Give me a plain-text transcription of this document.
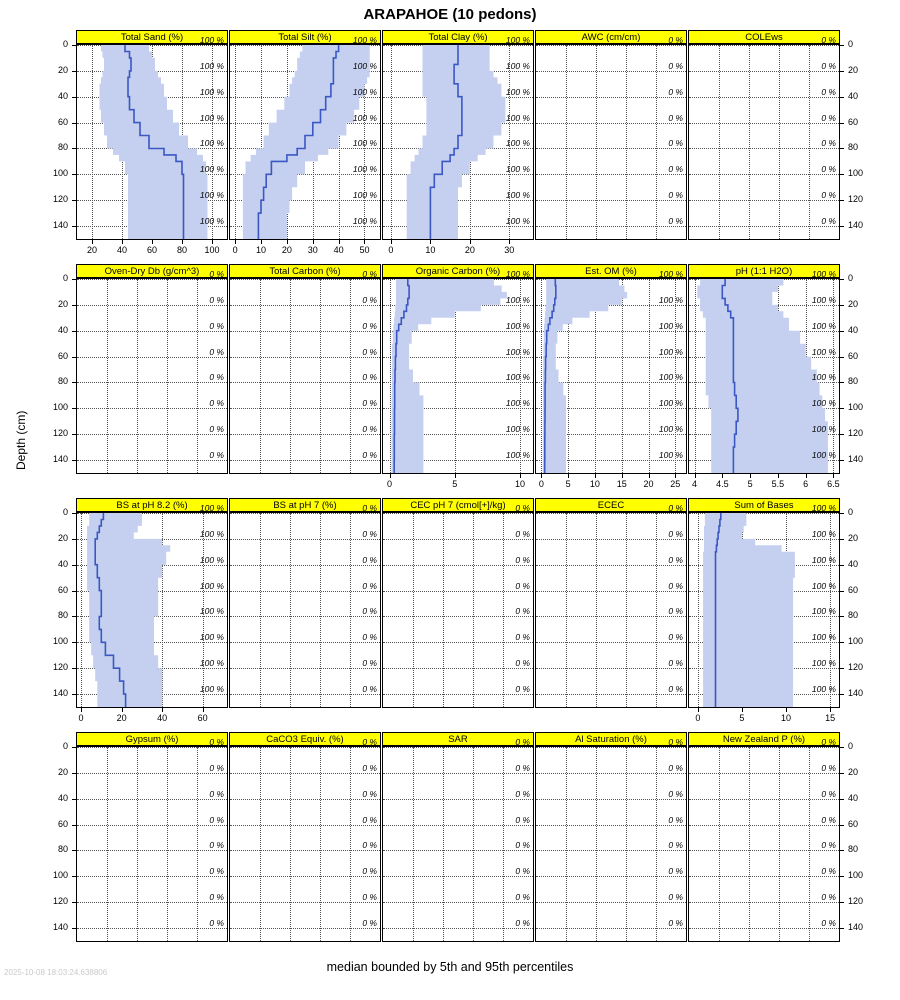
ARAPAHOE (10 pedons)
Depth (cm)
median bounded by 5th and 95th percentiles
2025-10-08 18:03:24.638806
20	40	60	80	100
Total Sand (%)	100 %
100 %
100 %
100 %
100 %
100 %
100 %
100 %
0	10	20	30	40	50
Total Silt (%)	100 %
100 %
100 %
100 %
100 %
100 %
100 %
100 %
0	10	20	30
Total Clay (%)	100 %
100 %
100 %
100 %
100 %
100 %
100 %
100 %
AWC (cm/cm)	0 %
0 %
0 %
0 %
0 %
0 %
0 %
0 %
COLEws	0 %
0 %
0 %
0 %
0 %
0 %
0 %
0 %
Oven-Dry Db (g/cm^3)	0 %
0 %
0 %
0 %
0 %
0 %
0 %
0 %
Total Carbon (%)	0 %
0 %
0 %
0 %
0 %
0 %
0 %
0 %
0	5	10
Organic Carbon (%) 100 %
100 %
100 %
100 %
100 %
100 %
100 %
100 %
0	5	10	15	20	25
Est. OM (%)	100 %
100 %
100 %
100 %
100 %
100 %
100 %
100 %
4	4.5	5	5.5	6	6.5
pH (1:1 H2O)	100 %
100 %
100 %
100 %
100 %
100 %
100 %
100 %
0	20	40	60
BS at pH 8.2 (%)	100 %
100 %
100 %
100 %
100 %
100 %
100 %
100 %
BS at pH 7 (%)	0 %
0 %
0 %
0 %
0 %
0 %
0 %
0 %
CEC pH 7 (cmol[+]/kg)	0 %
0 %
0 %
0 %
0 %
0 %
0 %
0 %
ECEC	0 %
0 %
0 %
0 %
0 %
0 %
0 %
0 %
0	5	10	15
Sum of Bases	100 %
100 %
100 %
100 %
100 %
100 %
100 %
100 %
Gypsum (%)	0 %
0 %
0 %
0 %
0 %
0 %
0 %
0 %
CaCO3 Equiv. (%)	0 %
0 %
0 %
0 %
0 %
0 %
0 %
0 %
SAR	0 %
0 %
0 %
0 %
0 %
0 %
0 %
0 %
Al Saturation (%)	0 %
0 %
0 %
0 %
0 %
0 %
0 %
0 %
New Zealand P (%)	0 %
0 %
0 %
0 %
0 %
0 %
0 %
0 %
0
20
40
60
80
100
120
140
0
20
40
60
80
100
120
140
0
20
40
60
80
100
120
140
0
20
40
60
80
100
120
140
0
20
40
60
80
100
120
140
0
20
40
60
80
100
120
140
0
20
40
60
80
100
120
140
0
20
40
60
80
100
120
140
